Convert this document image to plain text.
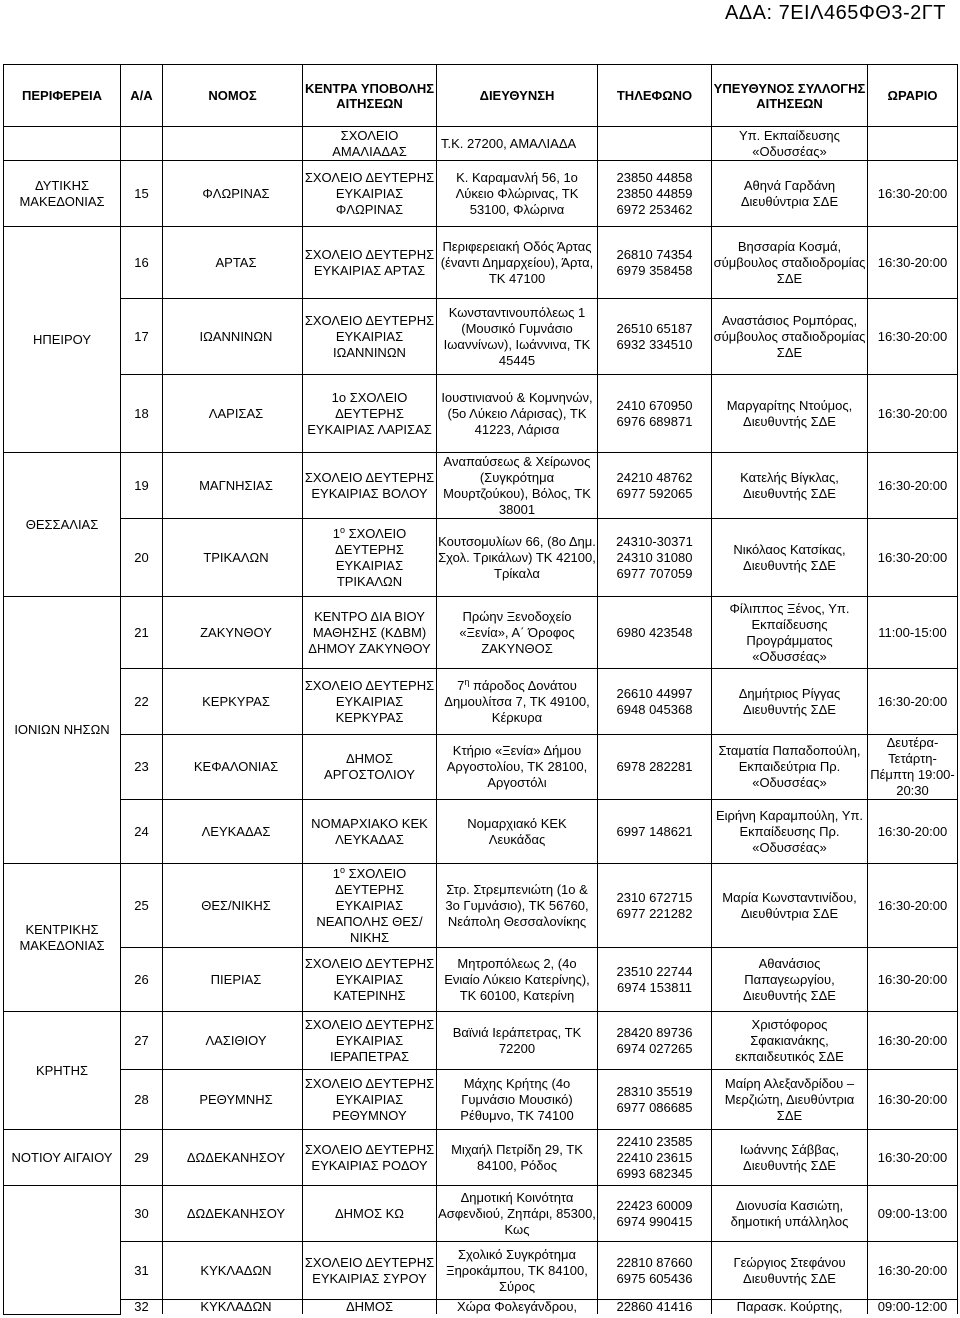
ΑΔΑ: 7ΕΙΛ465ΦΘ3-2ΓΤ
ΠΕΡΙΦΕΡΕΙΑ	Α/Α	ΝΟΜΟΣ	ΚΕΝΤΡΑ ΥΠΟΒΟΛΗΣ ΑΙΤΗΣΕΩΝ	ΔΙΕΥΘΥΝΣΗ	ΤΗΛΕΦΩΝΟ	ΥΠΕΥΘΥΝΟΣ ΣΥΛΛΟΓΗΣ ΑΙΤΗΣΕΩΝ	ΩΡΑΡΙΟ
			ΣΧΟΛΕΙΟ ΑΜΑΛΙΑΔΑΣ	Τ.Κ. 27200, ΑΜΑΛΙΑΔΑ		Υπ. Εκπαίδευσης «Οδυσσέας»	
ΔΥΤΙΚΗΣ ΜΑΚΕΔΟΝΙΑΣ	15	ΦΛΩΡΙΝΑΣ	ΣΧΟΛΕΙΟ ΔΕΥΤΕΡΗΣ ΕΥΚΑΙΡΙΑΣ ΦΛΩΡΙΝΑΣ	Κ. Καραμανλή 56, 1ο Λύκειο Φλώρινας, ΤΚ 53100, Φλώρινα	23850 44858
23850 44859
6972 253462	Αθηνά Γαρδάνη Διευθύντρια ΣΔΕ	16:30-20:00
ΗΠΕΙΡΟΥ	16	ΑΡΤΑΣ	ΣΧΟΛΕΙΟ ΔΕΥΤΕΡΗΣ ΕΥΚΑΙΡΙΑΣ ΑΡΤΑΣ	Περιφερειακή Οδός Άρτας (έναντι Δημαρχείου), Άρτα, ΤΚ 47100	26810 74354
6979 358458	Βησσαρία Κοσμά, σύμβουλος σταδιοδρομίας ΣΔΕ	16:30-20:00
	17	ΙΩΑΝΝΙΝΩΝ	ΣΧΟΛΕΙΟ ΔΕΥΤΕΡΗΣ ΕΥΚΑΙΡΙΑΣ ΙΩΑΝΝΙΝΩΝ	Κωνσταντινουπόλεως 1 (Μουσικό Γυμνάσιο Ιωαννίνων), Ιωάννινα, ΤΚ 45445	26510 65187
6932 334510	Αναστάσιος Ρομπόρας, σύμβουλος σταδιοδρομίας ΣΔΕ	16:30-20:00
	18	ΛΑΡΙΣΑΣ	1ο ΣΧΟΛΕΙΟ ΔΕΥΤΕΡΗΣ ΕΥΚΑΙΡΙΑΣ ΛΑΡΙΣΑΣ	Ιουστινιανού & Κομνηνών, (5ο Λύκειο Λάρισας), ΤΚ 41223, Λάρισα	2410 670950
6976 689871	Μαργαρίτης Ντούμος, Διευθυντής ΣΔΕ	16:30-20:00
ΘΕΣΣΑΛΙΑΣ	19	ΜΑΓΝΗΣΙΑΣ	ΣΧΟΛΕΙΟ ΔΕΥΤΕΡΗΣ ΕΥΚΑΙΡΙΑΣ ΒΟΛΟΥ	Αναπαύσεως & Χείρωνος (Συγκρότημα Μουρτζούκου), Βόλος, ΤΚ 38001	24210 48762
6977 592065	Κατελής Βίγκλας, Διευθυντής ΣΔΕ	16:30-20:00
	20	ΤΡΙΚΑΛΩΝ	$1^o$ ΣΧΟΛΕΙΟ ΔΕΥΤΕΡΗΣ ΕΥΚΑΙΡΙΑΣ ΤΡΙΚΑΛΩΝ	Κουτσομυλίων 66, (8ο Δημ. Σχολ. Τρικάλων) ΤΚ 42100, Τρίκαλα	24310-30371
24310 31080
6977 707059	Νικόλαος Κατσίκας, Διευθυντής ΣΔΕ	16:30-20:00
ΙΟΝΙΩΝ ΝΗΣΩΝ	21	ΖΑΚΥΝΘΟΥ	ΚΕΝΤΡΟ ΔΙΑ ΒΙΟΥ ΜΑΘΗΣΗΣ (ΚΔΒΜ) ΔΗΜΟΥ ΖΑΚΥΝΘΟΥ	Πρώην Ξενοδοχείο «Ξενία», Α΄ Όροφος ΖΑΚΥΝΘΟΣ	6980 423548	Φίλιππος Ξένος, Υπ. Εκπαίδευσης Προγράμματος «Οδυσσέας»	11:00-15:00
	22	ΚΕΡΚΥΡΑΣ	ΣΧΟΛΕΙΟ ΔΕΥΤΕΡΗΣ ΕΥΚΑΙΡΙΑΣ ΚΕΡΚΥΡΑΣ	$7^\eta$ πάροδος Δονάτου Δημουλίτσα 7, ΤΚ 49100, Κέρκυρα	26610 44997
6948 045368	Δημήτριος Ρίγγας Διευθυντής ΣΔΕ	16:30-20:00
	23	ΚΕΦΑΛΟΝΙΑΣ	ΔΗΜΟΣ ΑΡΓΟΣΤΟΛΙΟΥ	Κτήριο «Ξενία» Δήμου Αργοστολίου, ΤΚ 28100, Αργοστόλι	6978 282281	Σταματία Παπαδοπούλη, Εκπαιδεύτρια Πρ. «Οδυσσέας»	Δευτέρα- Τετάρτη- Πέμπτη 19:00-20:30
	24	ΛΕΥΚΑΔΑΣ	ΝΟΜΑΡΧΙΑΚΟ ΚΕΚ ΛΕΥΚΑΔΑΣ	Νομαρχιακό ΚΕΚ Λευκάδας	6997 148621	Ειρήνη Καραμπούλη, Υπ. Εκπαίδευσης Πρ. «Οδυσσέας»	16:30-20:00
ΚΕΝΤΡΙΚΗΣ ΜΑΚΕΔΟΝΙΑΣ	25	ΘΕΣ/ΝΙΚΗΣ	$1^o$ ΣΧΟΛΕΙΟ ΔΕΥΤΕΡΗΣ ΕΥΚΑΙΡΙΑΣ ΝΕΑΠΟΛΗΣ ΘΕΣ/ΝΙΚΗΣ	Στρ. Στρεμπενιώτη (1ο & 3ο Γυμνάσιο), ΤΚ 56760, Νεάπολη Θεσσαλονίκης	2310 672715
6977 221282	Μαρία Κωνσταντινίδου, Διευθύντρια ΣΔΕ	16:30-20:00
	26	ΠΙΕΡΙΑΣ	ΣΧΟΛΕΙΟ ΔΕΥΤΕΡΗΣ ΕΥΚΑΙΡΙΑΣ ΚΑΤΕΡΙΝΗΣ	Μητροπόλεως 2, (4ο Ενιαίο Λύκειο Κατερίνης), ΤΚ 60100, Κατερίνη	23510 22744
6974 153811	Αθανάσιος Παπαγεωργίου, Διευθυντής ΣΔΕ	16:30-20:00
ΚΡΗΤΗΣ	27	ΛΑΣΙΘΙΟΥ	ΣΧΟΛΕΙΟ ΔΕΥΤΕΡΗΣ ΕΥΚΑΙΡΙΑΣ ΙΕΡΑΠΕΤΡΑΣ	Βαϊνιά Ιεράπετρας, ΤΚ 72200	28420 89736
6974 027265	Χριστόφορος Σφακιανάκης, εκπαιδευτικός ΣΔΕ	16:30-20:00
	28	ΡΕΘΥΜΝΗΣ	ΣΧΟΛΕΙΟ ΔΕΥΤΕΡΗΣ ΕΥΚΑΙΡΙΑΣ ΡΕΘΥΜΝΟΥ	Μάχης Κρήτης (4ο Γυμνάσιο Μουσικό) Ρέθυμνο, ΤΚ 74100	28310 35519
6977 086685	Μαίρη Αλεξανδρίδου – Μερζιώτη, Διευθύντρια ΣΔΕ	16:30-20:00
ΝΟΤΙΟΥ ΑΙΓΑΙΟΥ	29	ΔΩΔΕΚΑΝΗΣΟΥ	ΣΧΟΛΕΙΟ ΔΕΥΤΕΡΗΣ ΕΥΚΑΙΡΙΑΣ ΡΟΔΟΥ	Μιχαήλ Πετρίδη 29, ΤΚ 84100, Ρόδος	22410 23585
22410 23615
6993 682345	Ιωάννης Σάββας, Διευθυντής ΣΔΕ	16:30-20:00
	30	ΔΩΔΕΚΑΝΗΣΟΥ	ΔΗΜΟΣ ΚΩ	Δημοτική Κοινότητα Ασφενδιού, Ζηπάρι, 85300, Κως	22423 60009
6974 990415	Διονυσία Κασιώτη, δημοτική υπάλληλος	09:00-13:00
	31	ΚΥΚΛΑΔΩΝ	ΣΧΟΛΕΙΟ ΔΕΥΤΕΡΗΣ ΕΥΚΑΙΡΙΑΣ ΣΥΡΟΥ	Σχολικό Συγκρότημα Ξηροκάμπου, ΤΚ 84100, Σύρος	22810 87660
6975 605436	Γεώργιος Στεφάνου Διευθυντής ΣΔΕ	16:30-20:00
	32	ΚΥΚΛΑΔΩΝ	ΔΗΜΟΣ	Χώρα Φολεγάνδρου,	22860 41416	Παρασκ. Κούρτης,	09:00-12:00
